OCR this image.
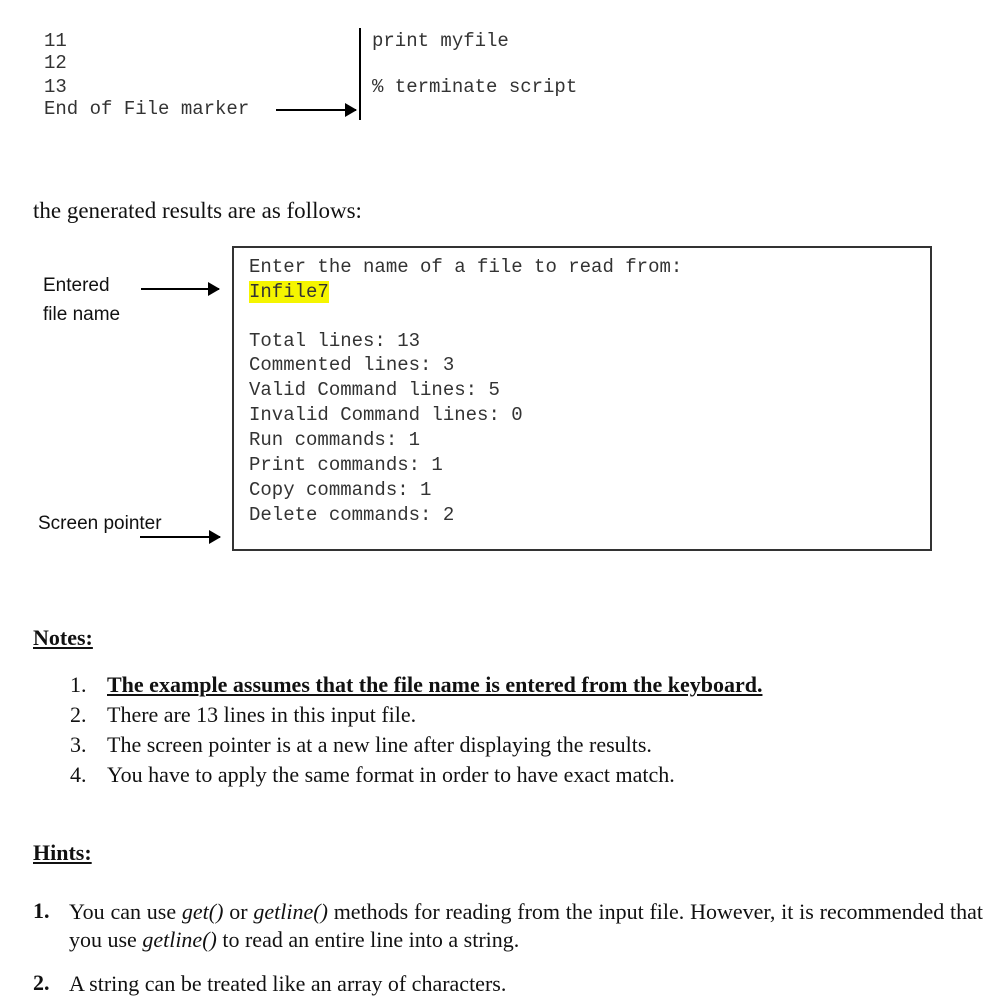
11
12
13
End of File marker
print myfile
% terminate script
the generated results are as follows:
Enter the name of a file to read from:
Infile7
Total lines: 13
Commented lines: 3
Valid Command lines: 5
Invalid Command lines: 0
Run commands: 1
Print commands: 1
Copy commands: 1
Delete commands: 2
Entered
file name
Screen pointer
Notes:
1. The example assumes that the file name is entered from the keyboard.
2. There are 13 lines in this input file.
3. The screen pointer is at a new line after displaying the results.
4. You have to apply the same format in order to have exact match.
Hints:
1. You can use get() or getline() methods for reading from the input file. However, it is recommended that you use getline() to read an entire line into a string.
2. A string can be treated like an array of characters.
